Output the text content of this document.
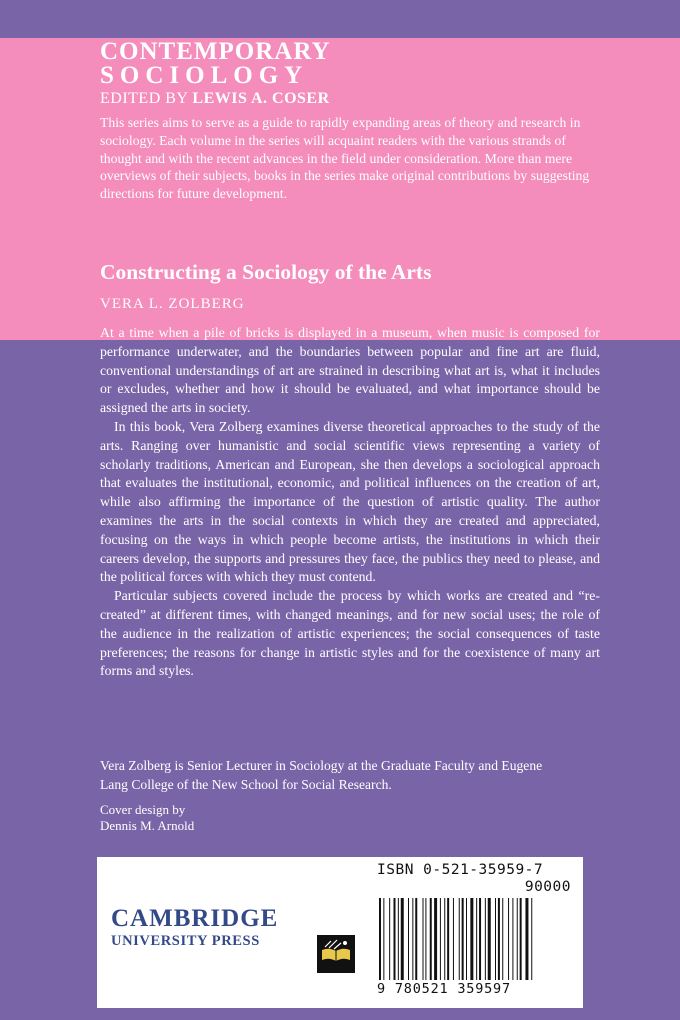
CONTEMPORARY
SOCIOLOGY
EDITED BY LEWIS A. COSER
This series aims to serve as a guide to rapidly expanding areas of theory and research in sociology. Each volume in the series will acquaint readers with the various strands of thought and with the recent advances in the field under consideration. More than mere overviews of their subjects, books in the series make original contributions by suggesting directions for future development.
Constructing a Sociology of the Arts
VERA L. ZOLBERG

At a time when a pile of bricks is displayed in a museum, when music is composed for performance underwater, and the boundaries between popular and fine art are fluid, conventional understandings of art are strained in describing what art is, what it includes or excludes, whether and how it should be evaluated, and what importance should be assigned the arts in society.

In this book, Vera Zolberg examines diverse theoretical approaches to the study of the arts. Ranging over humanistic and social scientific views representing a variety of scholarly traditions, American and European, she then develops a sociological approach that evaluates the institutional, economic, and political influences on the creation of art, while also affirming the importance of the question of artistic quality. The author examines the arts in the social contexts in which they are created and appreciated, focusing on the ways in which people become artists, the institutions in which their careers develop, the supports and pressures they face, the publics they need to please, and the political forces with which they must contend.

Particular subjects covered include the process by which works are created and “re-created” at different times, with changed meanings, and for new social uses; the role of the audience in the realization of artistic experiences; the social consequences of taste preferences; the reasons for change in artistic styles and for the coexistence of many art forms and styles.

Vera Zolberg is Senior Lecturer in Sociology at the Graduate Faculty and Eugene Lang College of the New School for Social Research.
Cover design by
Dennis M. Arnold
CAMBRIDGE
UNIVERSITY PRESS
ISBN 0-521-35959-7
90000
9 780521 359597
